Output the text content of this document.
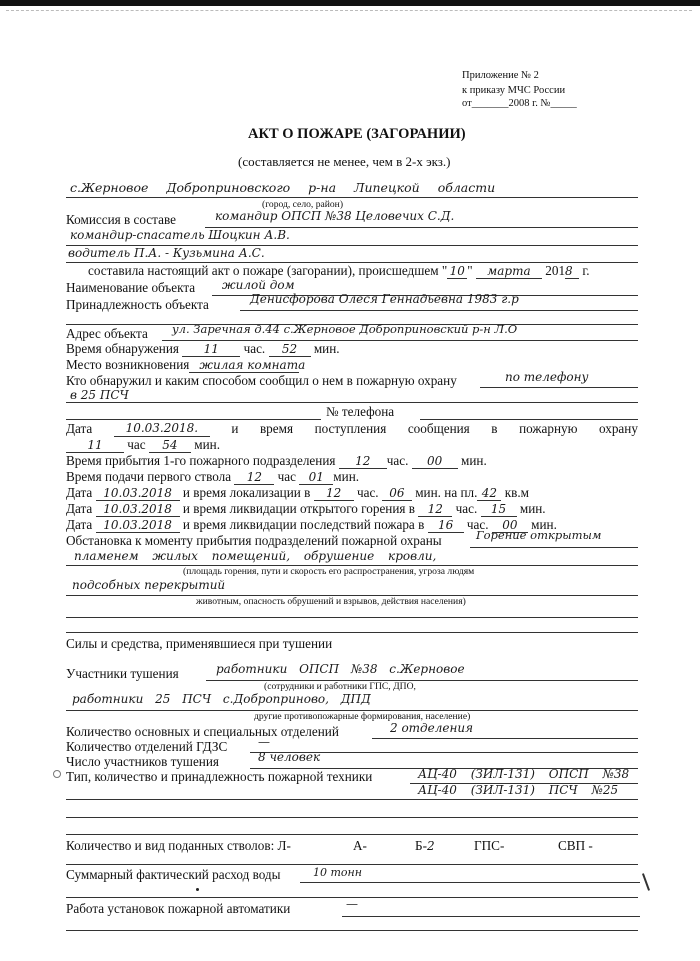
Приложение № 2
к приказу МЧС России
от_______2008 г. №_____
АКТ О ПОЖАРЕ (ЗАГОРАНИИ)
(составляется не менее, чем в 2-х экз.)
с.Жерновое Доброприновского р-на Липецкой области
(город, село, район)
Комиссия в составе	командир ОПСП №38 Целовечих С.Д.
командир-спасатель Шоцкин А.В.
водитель П.А. - Кузьмина А.С.
составила настоящий акт о пожаре (загорании), происшедшем " 10 " марта 2018 г.
Наименование объекта жилой дом
Принадлежность объекта	Денисфорова Олеся Геннадьевна 1983 г.р
Адрес объекта ул. Заречная д.44 с.Жерновое Доброприновский р-н Л.О
Время обнаружения 11 час. 52 мин.
Место возникновения жилая комната
Кто обнаружил и каким способом сообщил о нем в пожарную охрану	по телефону
в 25 ПСЧ
№ телефона
Дата	10.03.2018.	и время поступления сообщения в пожарную охрану
11 час 54 мин.
Время прибытия 1-го пожарного подразделения 12 час. 00 мин.
Время подачи первого ствола 12 час 01 мин.
Дата 10.03.2018 и время локализации в 12 час. 06 мин. на пл. 42 кв.м
Дата 10.03.2018 и время ликвидации открытого горения в 12 час. 15 мин.
Дата 10.03.2018 и время ликвидации последствий пожара в 16 час. 00 мин.
Обстановка к моменту прибытия подразделений пожарной охраны	Горение открытым
пламенем жилых помещений, обрушение кровли,
(площадь горения, пути и скорость его распространения, угроза людям
подсобных перекрытий
животным, опасность обрушений и взрывов, действия населения)
Силы и средства, применявшиеся при тушении
Участники тушения	работники ОПСП №38 с.Жерновое
(сотрудники и работники ГПС, ДПО,
работники 25 ПСЧ с.Доброприново, ДПД
другие противопожарные формирования, население)
Количество основных и специальных отделений	2 отделения
Количество отделений ГДЗС	—
Число участников тушения	8 человек
Тип, количество и принадлежность пожарной техники	АЦ-40 (ЗИЛ-131) ОПСП №38
АЦ-40 (ЗИЛ-131) ПСЧ №25
Количество и вид поданных стволов: Л-	А-	Б-2	ГПС-	СВП -
Суммарный фактический расход воды	10 тонн
Работа установок пожарной автоматики	—
